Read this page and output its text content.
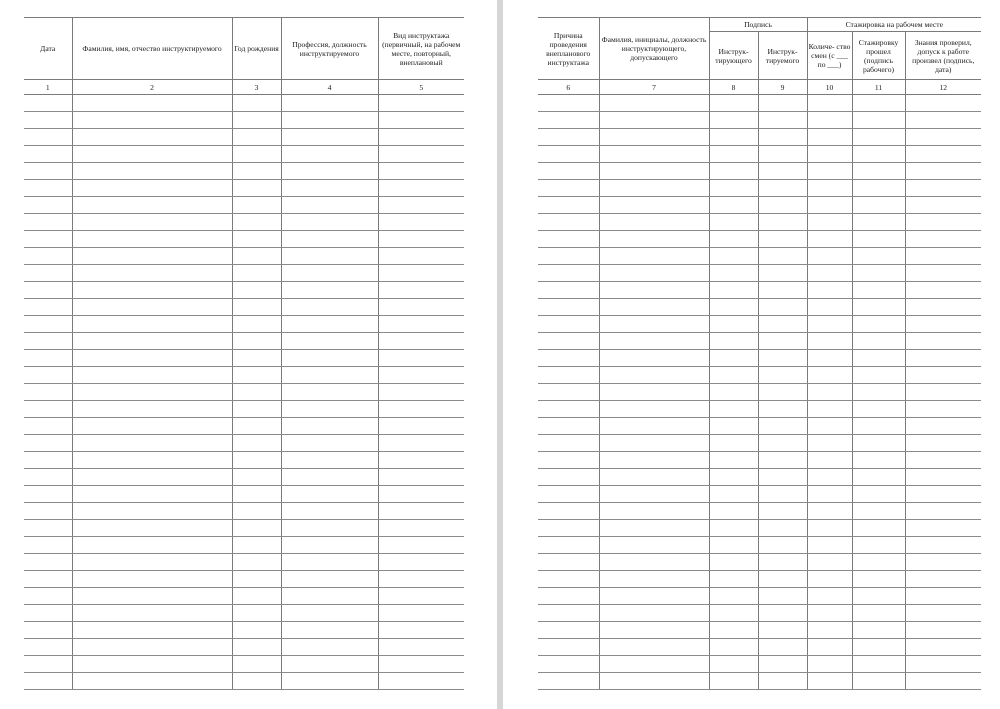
Дата	Фамилия, имя, отчество инструктируемого	Год рождения	Профессия, должность инструктируемого	Вид инструктажа (первичный, на рабочем месте, повторный, внеплановый
1	2	3	4	5

Причина проведения внепланового инструктажа	Фамилия, инициалы, должность инструктирующего, допускающего	Подпись		Стажировка на рабочем месте		
		Инструк- тирующего	Инструк- тируемого	Количе- ство смен (с ___ по ___)	Стажировку прошел (подпись рабочего)	Знания проверил, допуск к работе произвел (подпись, дата)
6	7	8	9	10	11	12
